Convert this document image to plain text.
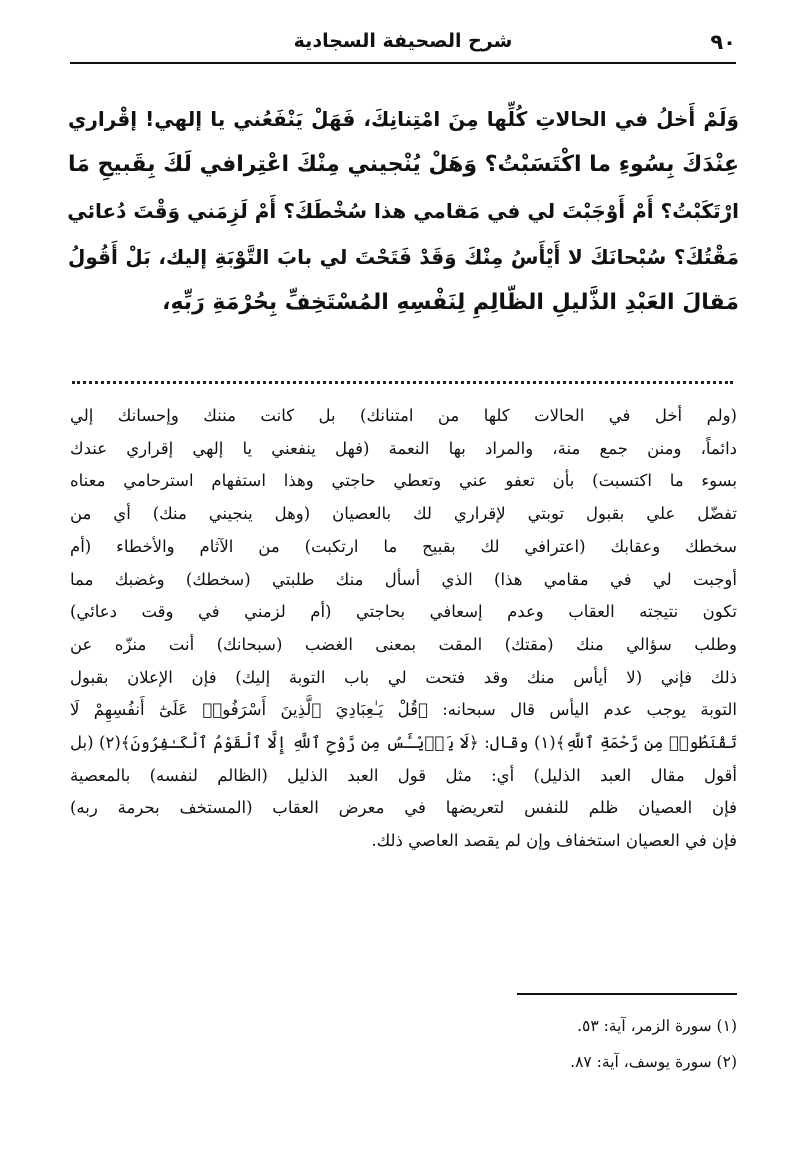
٩٠
شرح الصحيفة السجادية
وَلَمْ أَخلُ في الحالاتِ كُلِّها مِنَ امْتِنانِكَ، فَهَلْ يَنْفَعُني يا إلهي! إقْراري
عِنْدَكَ بِسُوءِ ما اكْتَسَبْتُ؟ وَهَلْ يُنْجيني مِنْكَ اعْتِرافي لَكَ بِقَبيحِ مَا
ارْتَكَبْتُ؟ أَمْ أَوْجَبْتَ لي في مَقامي هذا سُخْطَكَ؟ أَمْ لَزِمَني وَقْتَ دُعائي
مَقْتُكَ؟ سُبْحانَكَ لا أَيْأَسُ مِنْكَ وَقَدْ فَتَحْتَ لي بابَ التَّوْبَةِ إليك، بَلْ أَقُولُ
مَقالَ العَبْدِ الذَّليلِ الظّالِمِ لِنَفْسِهِ المُسْتَخِفِّ بِحُرْمَةِ رَبِّهِ،
(ولم أخل في الحالات كلها من امتنانك) بل كانت مننك وإحسانك إلي
دائماً، ومنن جمع منة، والمراد بها النعمة (فهل ينفعني يا إلهي إقراري عندك
بسوء ما اكتسبت) بأن تعفو عني وتعطي حاجتي وهذا استفهام استرحامي معناه
تفضّل علي بقبول توبتي لإقراري لك بالعصيان (وهل ينجيني منك) أي من
سخطك وعقابك (اعترافي لك بقبيح ما ارتكبت) من الآثام والأخطاء (أم
أوجبت لي في مقامي هذا) الذي أسأل منك طلبتي (سخطك) وغضبك مما
تكون نتيجته العقاب وعدم إسعافي بحاجتي (أم لزمني في وقت دعائي)
وطلب سؤالي منك (مقتك) المقت بمعنى الغضب (سبحانك) أنت منزّه عن
ذلك فإني (لا أيأس منك وقد فتحت لي باب التوبة إليك) فإن الإعلان بقبول
التوبة يوجب عدم اليأس قال سبحانه: ﴿قُلْ يَـٰعِبَادِيَ ٱلَّذِينَ أَسْرَفُوا۟ عَلَىٰٓ أَنفُسِهِمْ لَا
تَقْنَطُوا۟ مِن رَّحْمَةِ ٱللَّهِ﴾(١) وقال: ﴿لَا يَا۟يْـَٔسُ مِن رَّوْحِ ٱللَّهِ إِلَّا ٱلْقَوْمُ ٱلْكَـٰفِرُونَ﴾(٢) (بل
أقول مقال العبد الذليل) أي: مثل قول العبد الذليل (الظالم لنفسه) بالمعصية
فإن العصيان ظلم للنفس لتعريضها في معرض العقاب (المستخف بحرمة ربه)
فإن في العصيان استخفاف وإن لم يقصد العاصي ذلك.
(١) سورة الزمر، آية: ٥٣.
(٢) سورة يوسف، آية: ٨٧.
